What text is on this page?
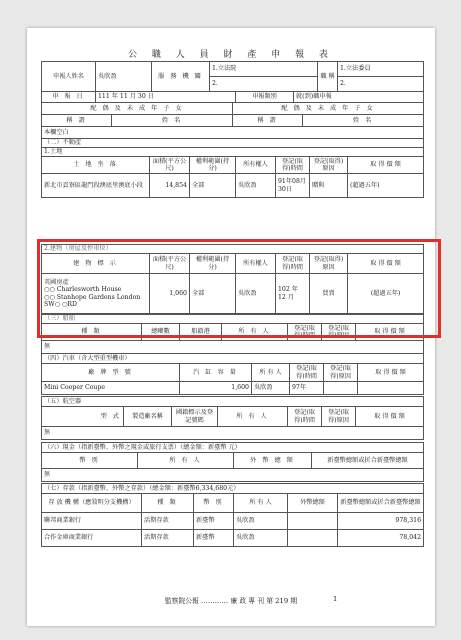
公 職 人 員 財 產 申 報 表
申報人姓名	吳欣盈	服 務 機 關	1.立法院	職 稱	1.立法委員
			2.		2.
申 報 日	111 年 11 月 30 日	申報類別	就(到)職申報
配 偶 及 未 成 年 子 女		配 偶 及 未 成 年 子 女	
稱 謂	姓 名	稱 謂	姓 名
本欄空白			
（二）不動產						
1.土地						
土 地 坐 落	面積(平方公尺)	權利範圍(持分)	所有權人	登記(取得)時間	登記(取得)原因	取 得 價 額
新北市貢寮區龍門段澳底里澳底小段	14,854	全部	吳欣盈	91年08月30日	贈與	(超過五年)
2.建物（房屋及停車位）						
建 物 標 示	面積(平方公尺)	權利範圍(持分)	所有權人	登記(取得)時間	登記(取得)原因	取 得 價 額

英國房產
○○ Charlesworth House
○○ Stanhope Gardens London
SW○ ○RD	1,060	全部	吳欣盈	102 年 12 月	買賣	(超過五年)
（三）船舶
種 類	總噸數	船籍港	所 有 人	登記(取得)時間	登記(取得)原因	取 得 價 額
無
（四）汽車（含大型重型機車）					
廠 牌 型 號	汽 缸 容 量	所 有 人	登記(取得)時間	登記(取得)原因	取 得 價 額
Mini Cooper Coupe	1,600	吳欣盈	97年		
（五）航空器
型 式	製造廠名稱	國籍標示及登記號碼	所 有 人	登記(取得)時間	登記(取得)原因	取 得 價 額
無
（六）現金（指新臺幣、外幣之現金或旅行支票）（總金額：新臺幣 元）
幣 別	所 有 人	外 幣 總 額	新臺幣總額或折合新臺幣總額
無
（七）存款（指新臺幣、外幣之存款）（總金額：新臺幣6,334,680元）					
存 放 機 構（應敘明分支機構）	種 類	幣 別	所 有 人	外幣總額	新臺幣總額或折合新臺幣總額
聯邦商業銀行	活期存款	新臺幣	吳欣盈		978,316
合作金庫商業銀行	活期存款	新臺幣	吳欣盈		78,042
監察院公報 ………… 廉 政 專 刊 第 219 期	1
